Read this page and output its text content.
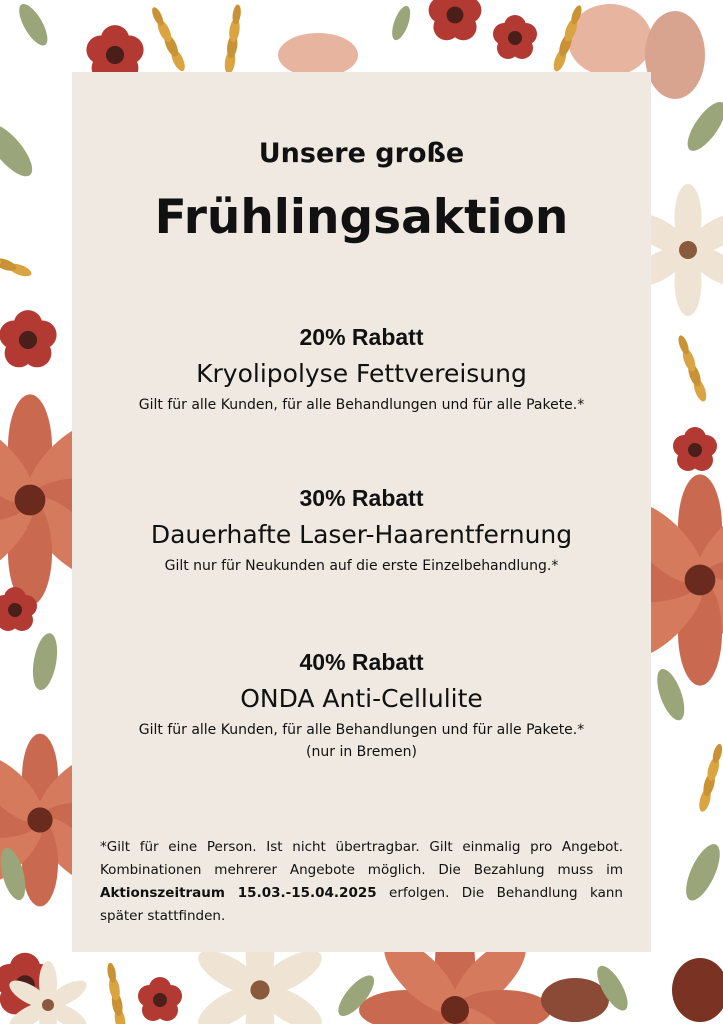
Unsere große
Frühlingsaktion
20% Rabatt
Kryolipolyse Fettvereisung
Gilt für alle Kunden, für alle Behandlungen und für alle Pakete.*
30% Rabatt
Dauerhafte Laser-Haarentfernung
Gilt nur für Neukunden auf die erste Einzelbehandlung.*
40% Rabatt
ONDA Anti-Cellulite
Gilt für alle Kunden, für alle Behandlungen und für alle Pakete.*
(nur in Bremen)
*Gilt für eine Person. Ist nicht übertragbar. Gilt einmalig pro Angebot. Kombinationen mehrerer Angebote möglich. Die Bezahlung muss im Aktionszeitraum 15.03.-15.04.2025 erfolgen. Die Behandlung kann später stattfinden.
